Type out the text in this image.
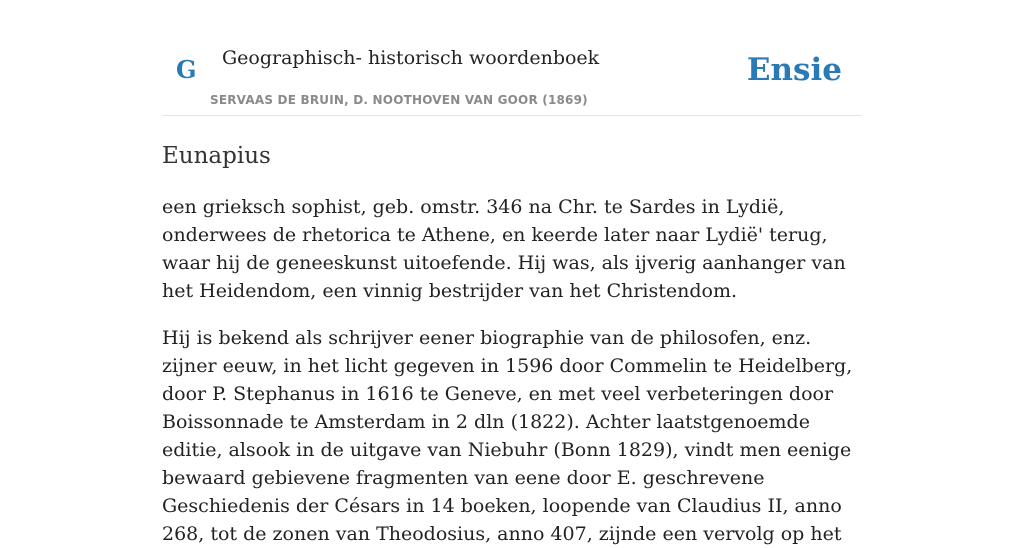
G Geographisch- historisch woordenboek
SERVAAS DE BRUIN, D. NOOTHOVEN VAN GOOR (1869)
Ensie
Eunapius

een grieksch sophist, geb. omstr. 346 na Chr. te Sardes in Lydië, onderwees de rhetorica te Athene, en keerde later naar Lydië' terug, waar hij de geneeskunst uitoefende. Hij was, als ijverig aanhanger van het Heidendom, een vinnig bestrijder van het Christendom.

Hij is bekend als schrijver eener biographie van de philosofen, enz. zijner eeuw, in het licht gegeven in 1596 door Commelin te Heidelberg, door P. Stephanus in 1616 te Geneve, en met veel verbeteringen door Boissonnade te Amsterdam in 2 dln (1822). Achter laatstgenoemde editie, alsook in de uitgave van Niebuhr (Bonn 1829), vindt men eenige bewaard gebievene fragmenten van eene door E. geschrevene Geschiedenis der Césars in 14 boeken, loopende van Claudius II, anno 268, tot de zonen van Theodosius, anno 407, zijnde een vervolg op het
